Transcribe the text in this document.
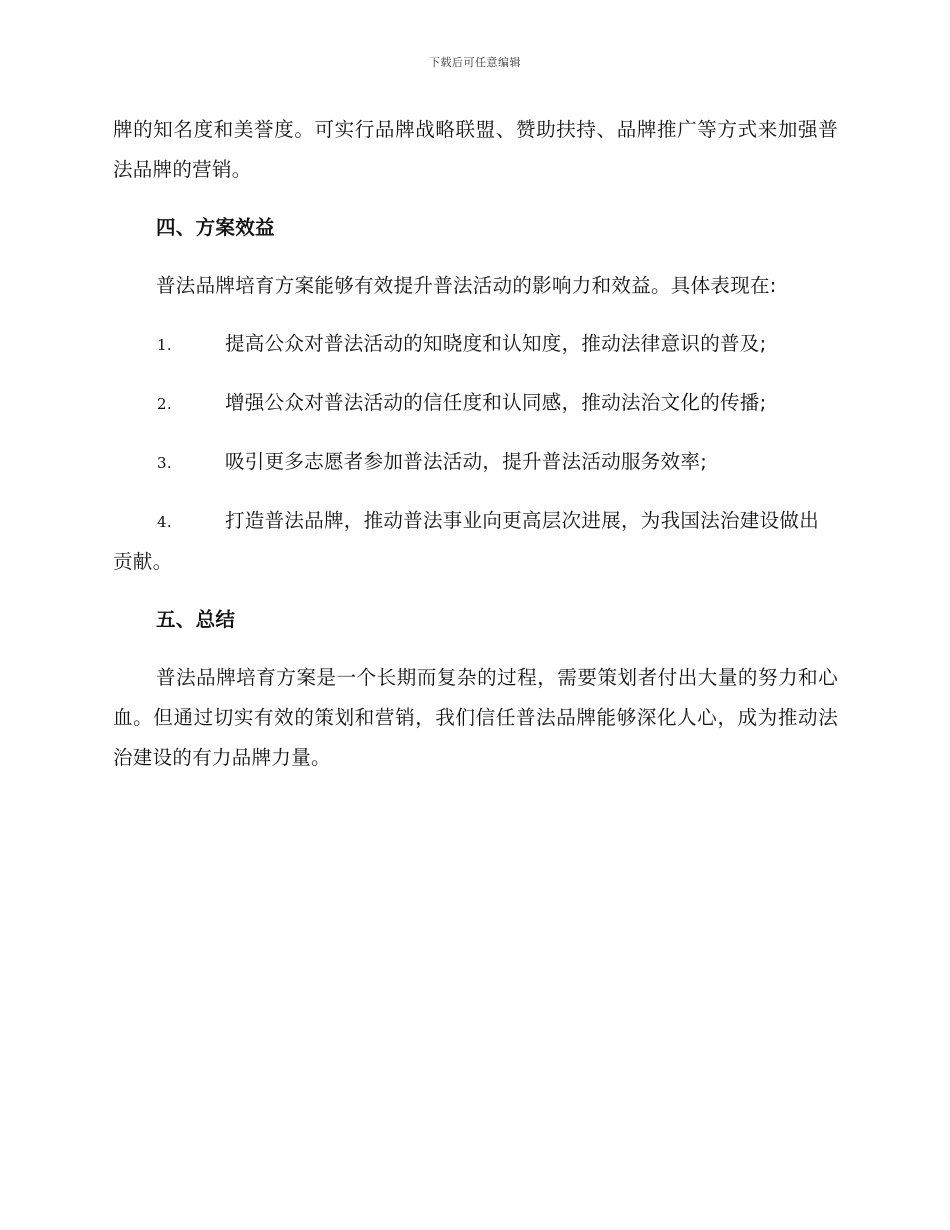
下载后可任意编辑

牌的知名度和美誉度。可实行品牌战略联盟、赞助扶持、品牌推广等方式来加强普法品牌的营销。

四、方案效益

普法品牌培育方案能够有效提升普法活动的影响力和效益。具体表现在:

1.	提高公众对普法活动的知晓度和认知度，推动法律意识的普及;
2.	增强公众对普法活动的信任度和认同感，推动法治文化的传播;
3.	吸引更多志愿者参加普法活动，提升普法活动服务效率;
4.	打造普法品牌，推动普法事业向更高层次进展，为我国法治建设做出贡献。
五、总结

普法品牌培育方案是一个长期而复杂的过程，需要策划者付出大量的努力和心血。但通过切实有效的策划和营销，我们信任普法品牌能够深化人心，成为推动法治建设的有力品牌力量。
